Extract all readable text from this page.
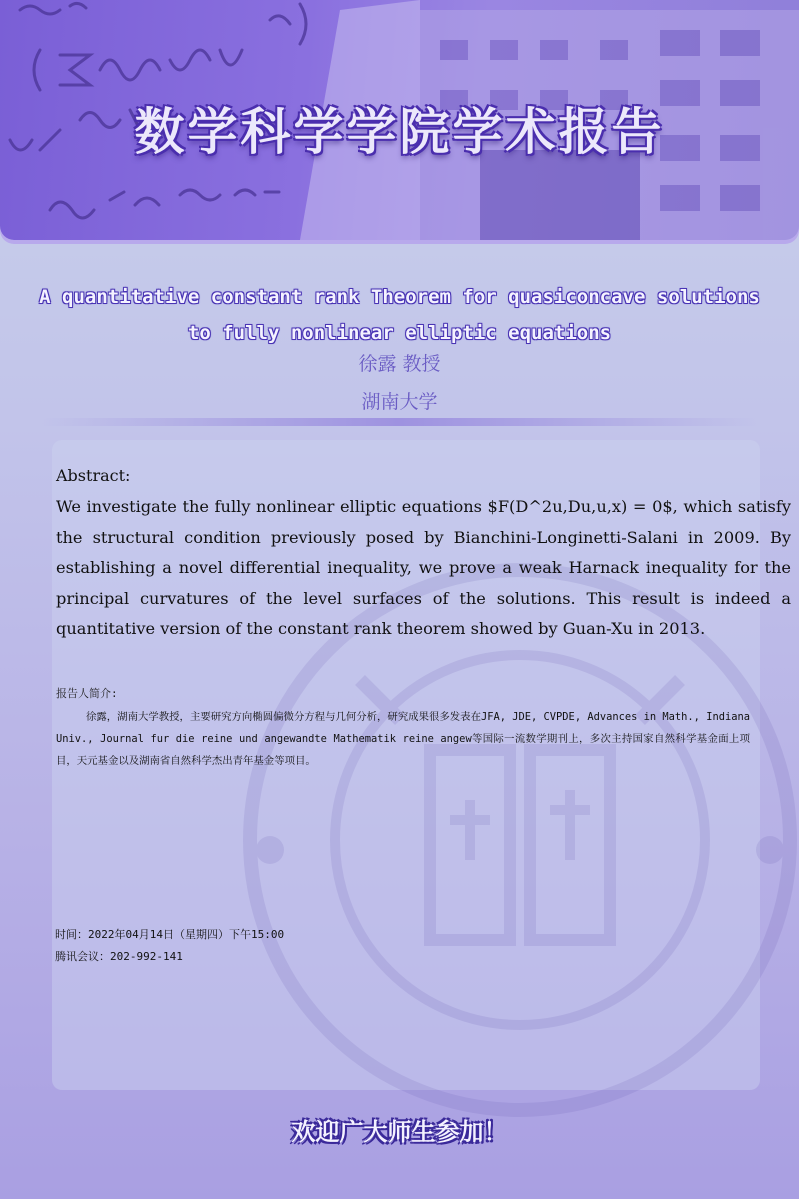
数学科学学院学术报告
A quantitative constant rank Theorem for quasiconcave solutions
to fully nonlinear elliptic equations
徐露 教授
湖南大学
Abstract:
We investigate the fully nonlinear elliptic equations $F(D^2u,Du,u,x) = 0$, which satisfy the structural condition previously posed by Bianchini-Longinetti-Salani in 2009. By establishing a novel differential inequality, we prove a weak Harnack inequality for the principal curvatures of the level surfaces of the solutions. This result is indeed a quantitative version of the constant rank theorem showed by Guan-Xu in 2013.
报告人简介:
徐露，湖南大学教授，主要研究方向椭圆偏微分方程与几何分析，研究成果很多发表在JFA, JDE, CVPDE, Advances in Math., Indiana Univ., Journal fur die reine und angewandte Mathematik reine angew等国际一流数学期刊上，多次主持国家自然科学基金面上项目，天元基金以及湖南省自然科学杰出青年基金等项目。
时间：2022年04月14日（星期四）下午15:00
腾讯会议：202-992-141
欢迎广大师生参加！
